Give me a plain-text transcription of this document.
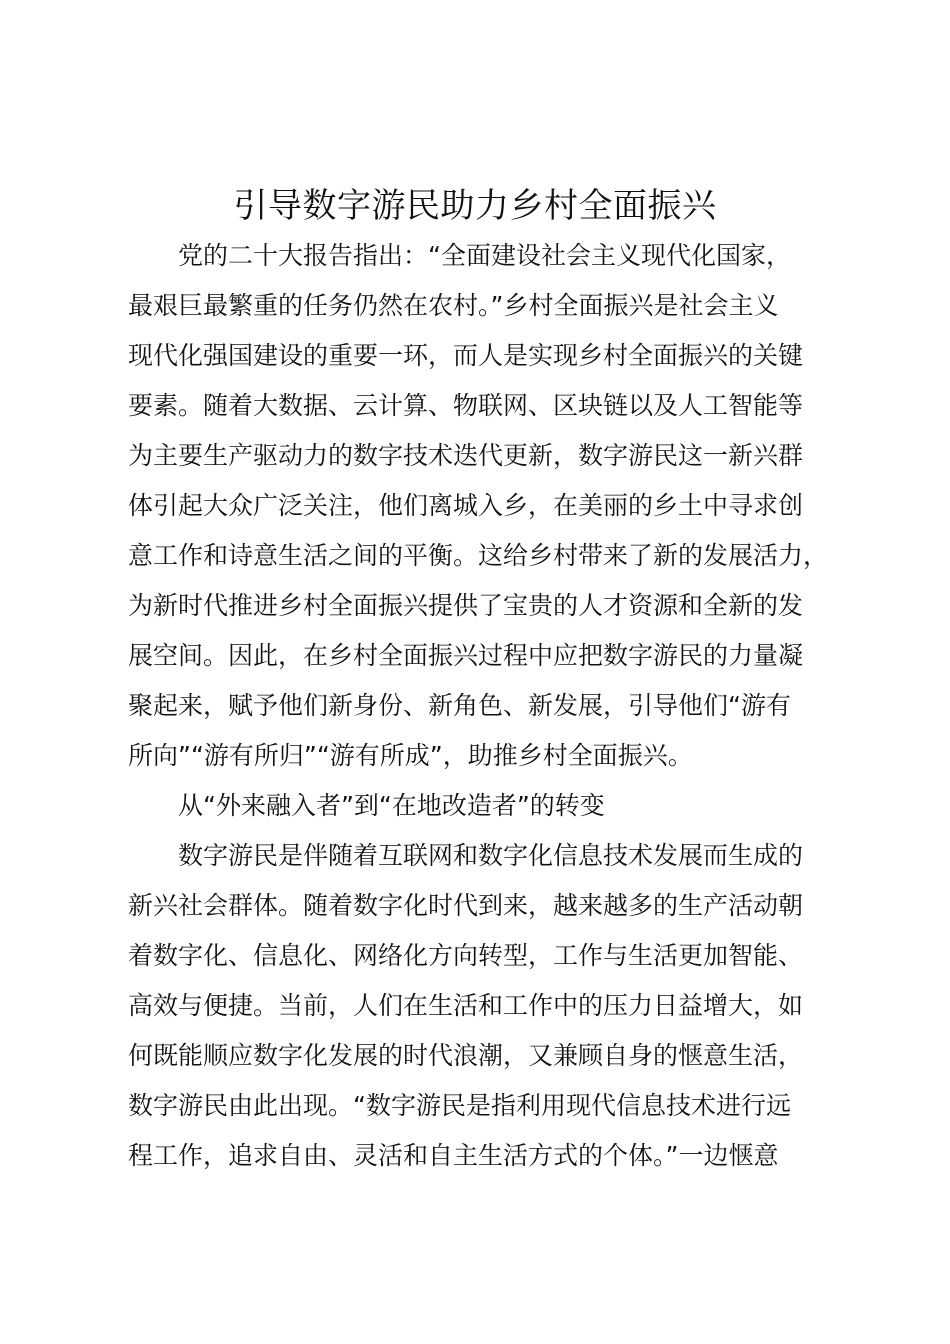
引导数字游民助力乡村全面振兴
党的二十大报告指出：“全面建设社会主义现代化国家，
最艰巨最繁重的任务仍然在农村。”乡村全面振兴是社会主义
现代化强国建设的重要一环，而人是实现乡村全面振兴的关键
要素。随着大数据、云计算、物联网、区块链以及人工智能等
为主要生产驱动力的数字技术迭代更新，数字游民这一新兴群
体引起大众广泛关注，他们离城入乡，在美丽的乡土中寻求创
意工作和诗意生活之间的平衡。这给乡村带来了新的发展活力，
为新时代推进乡村全面振兴提供了宝贵的人才资源和全新的发
展空间。因此，在乡村全面振兴过程中应把数字游民的力量凝
聚起来，赋予他们新身份、新角色、新发展，引导他们“游有
所向”“游有所归”“游有所成”，助推乡村全面振兴。
从“外来融入者”到“在地改造者”的转变
数字游民是伴随着互联网和数字化信息技术发展而生成的
新兴社会群体。随着数字化时代到来，越来越多的生产活动朝
着数字化、信息化、网络化方向转型，工作与生活更加智能、
高效与便捷。当前，人们在生活和工作中的压力日益增大，如
何既能顺应数字化发展的时代浪潮，又兼顾自身的惬意生活，
数字游民由此出现。“数字游民是指利用现代信息技术进行远
程工作，追求自由、灵活和自主生活方式的个体。”一边惬意
